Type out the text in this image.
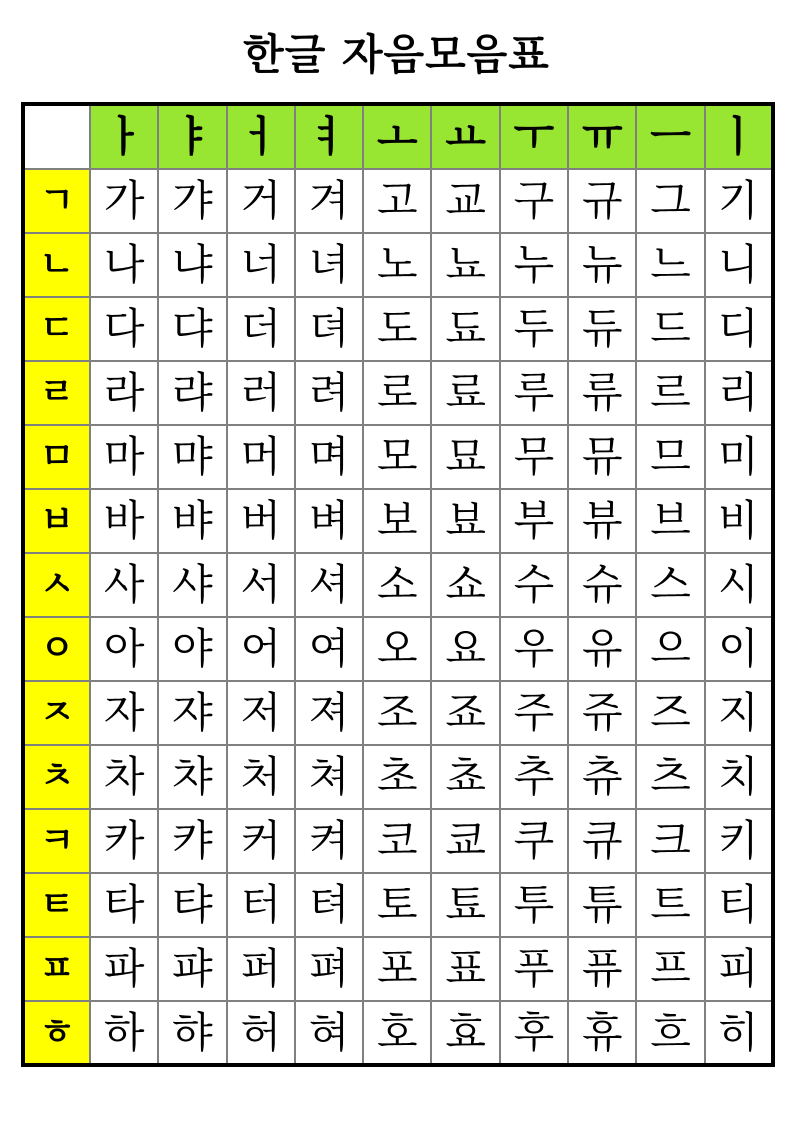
한글 자음모음표
	ㅏ	ㅑ	ㅓ	ㅕ	ㅗ	ㅛ	ㅜ	ㅠ	ㅡ	ㅣ
ㄱ	가	갸	거	겨	고	교	구	규	그	기
ㄴ	나	냐	너	녀	노	뇨	누	뉴	느	니
ㄷ	다	댜	더	뎌	도	됴	두	듀	드	디
ㄹ	라	랴	러	려	로	료	루	류	르	리
ㅁ	마	먀	머	며	모	묘	무	뮤	므	미
ㅂ	바	뱌	버	벼	보	뵤	부	뷰	브	비
ㅅ	사	샤	서	셔	소	쇼	수	슈	스	시
ㅇ	아	야	어	여	오	요	우	유	으	이
ㅈ	자	쟈	저	져	조	죠	주	쥬	즈	지
ㅊ	차	챠	처	쳐	초	쵸	추	츄	츠	치
ㅋ	카	캬	커	켜	코	쿄	쿠	큐	크	키
ㅌ	타	탸	터	텨	토	툐	투	튜	트	티
ㅍ	파	퍄	퍼	펴	포	표	푸	퓨	프	피
ㅎ	하	햐	허	혀	호	효	후	휴	흐	히
